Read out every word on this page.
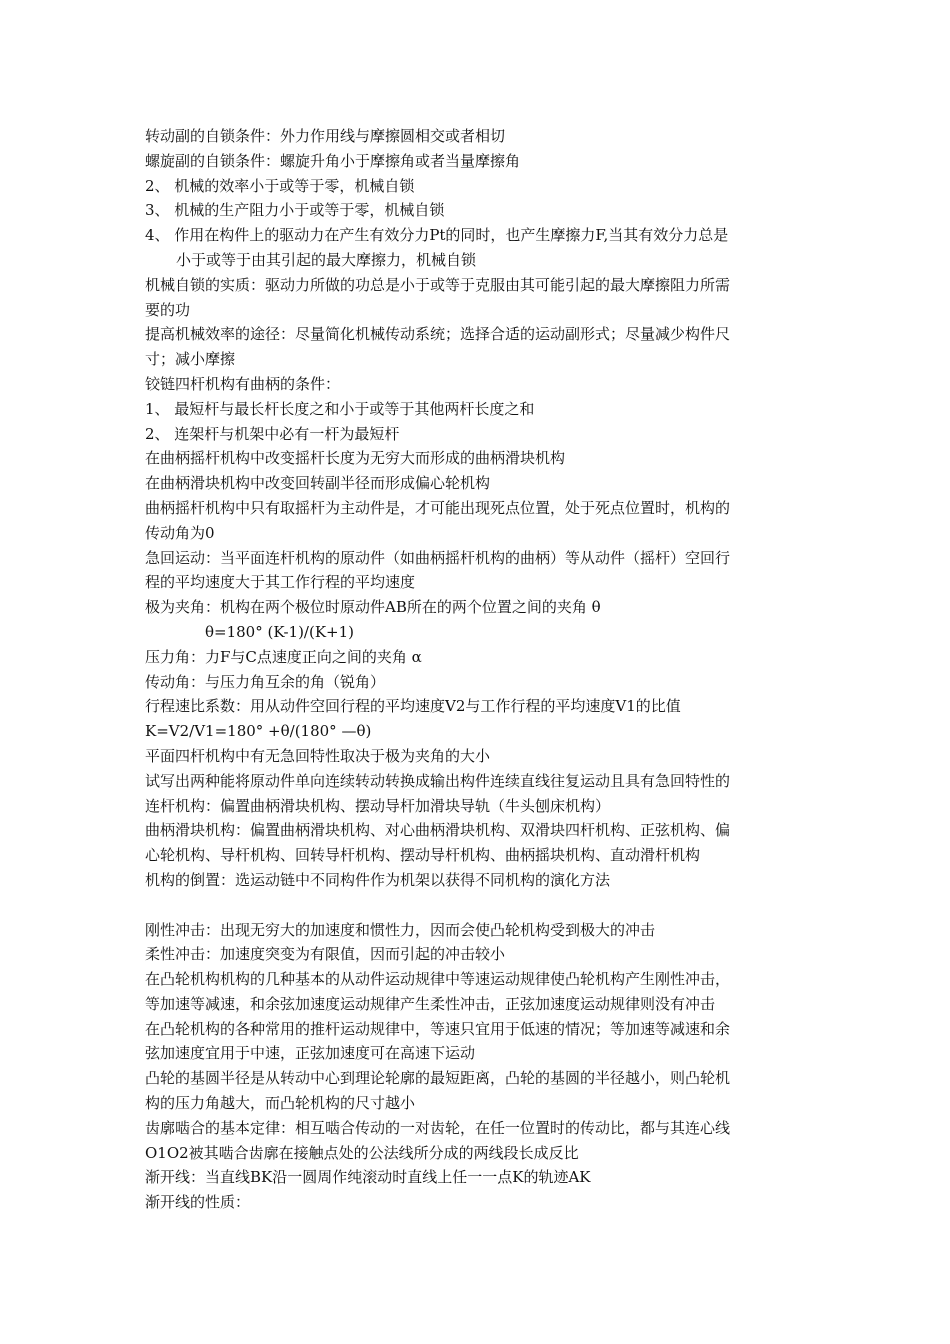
转动副的自锁条件：外力作用线与摩擦圆相交或者相切
螺旋副的自锁条件：螺旋升角小于摩擦角或者当量摩擦角
2、 机械的效率小于或等于零，机械自锁
3、 机械的生产阻力小于或等于零，机械自锁
4、 作用在构件上的驱动力在产生有效分力Pt的同时，也产生摩擦力F,当其有效分力总是
小于或等于由其引起的最大摩擦力，机械自锁
机械自锁的实质：驱动力所做的功总是小于或等于克服由其可能引起的最大摩擦阻力所需
要的功
提高机械效率的途径：尽量简化机械传动系统；选择合适的运动副形式；尽量减少构件尺
寸；减小摩擦
铰链四杆机构有曲柄的条件：
1、 最短杆与最长杆长度之和小于或等于其他两杆长度之和
2、 连架杆与机架中必有一杆为最短杆
在曲柄摇杆机构中改变摇杆长度为无穷大而形成的曲柄滑块机构
在曲柄滑块机构中改变回转副半径而形成偏心轮机构
曲柄摇杆机构中只有取摇杆为主动件是，才可能出现死点位置，处于死点位置时，机构的
传动角为0
急回运动：当平面连杆机构的原动件（如曲柄摇杆机构的曲柄）等从动件（摇杆）空回行
程的平均速度大于其工作行程的平均速度
极为夹角：机构在两个极位时原动件AB所在的两个位置之间的夹角 θ
θ=180° (K-1)/(K+1)
压力角：力F与C点速度正向之间的夹角 α
传动角：与压力角互余的角（锐角）
行程速比系数：用从动件空回行程的平均速度V2与工作行程的平均速度V1的比值
K=V2/V1=180° +θ/(180° —θ)
平面四杆机构中有无急回特性取决于极为夹角的大小
试写出两种能将原动件单向连续转动转换成输出构件连续直线往复运动且具有急回特性的
连杆机构：偏置曲柄滑块机构、摆动导杆加滑块导轨（牛头刨床机构）
曲柄滑块机构：偏置曲柄滑块机构、对心曲柄滑块机构、双滑块四杆机构、正弦机构、偏
心轮机构、导杆机构、回转导杆机构、摆动导杆机构、曲柄摇块机构、直动滑杆机构
机构的倒置：选运动链中不同构件作为机架以获得不同机构的演化方法
刚性冲击：出现无穷大的加速度和惯性力，因而会使凸轮机构受到极大的冲击
柔性冲击：加速度突变为有限值，因而引起的冲击较小
在凸轮机构机构的几种基本的从动件运动规律中等速运动规律使凸轮机构产生刚性冲击，
等加速等减速，和余弦加速度运动规律产生柔性冲击，正弦加速度运动规律则没有冲击
在凸轮机构的各种常用的推杆运动规律中，等速只宜用于低速的情况；等加速等减速和余
弦加速度宜用于中速，正弦加速度可在高速下运动
凸轮的基圆半径是从转动中心到理论轮廓的最短距离，凸轮的基圆的半径越小，则凸轮机
构的压力角越大，而凸轮机构的尺寸越小
齿廓啮合的基本定律：相互啮合传动的一对齿轮，在任一位置时的传动比，都与其连心线
O1O2被其啮合齿廓在接触点处的公法线所分成的两线段长成反比
渐开线：当直线BK沿一圆周作纯滚动时直线上任一一点K的轨迹AK
渐开线的性质：
